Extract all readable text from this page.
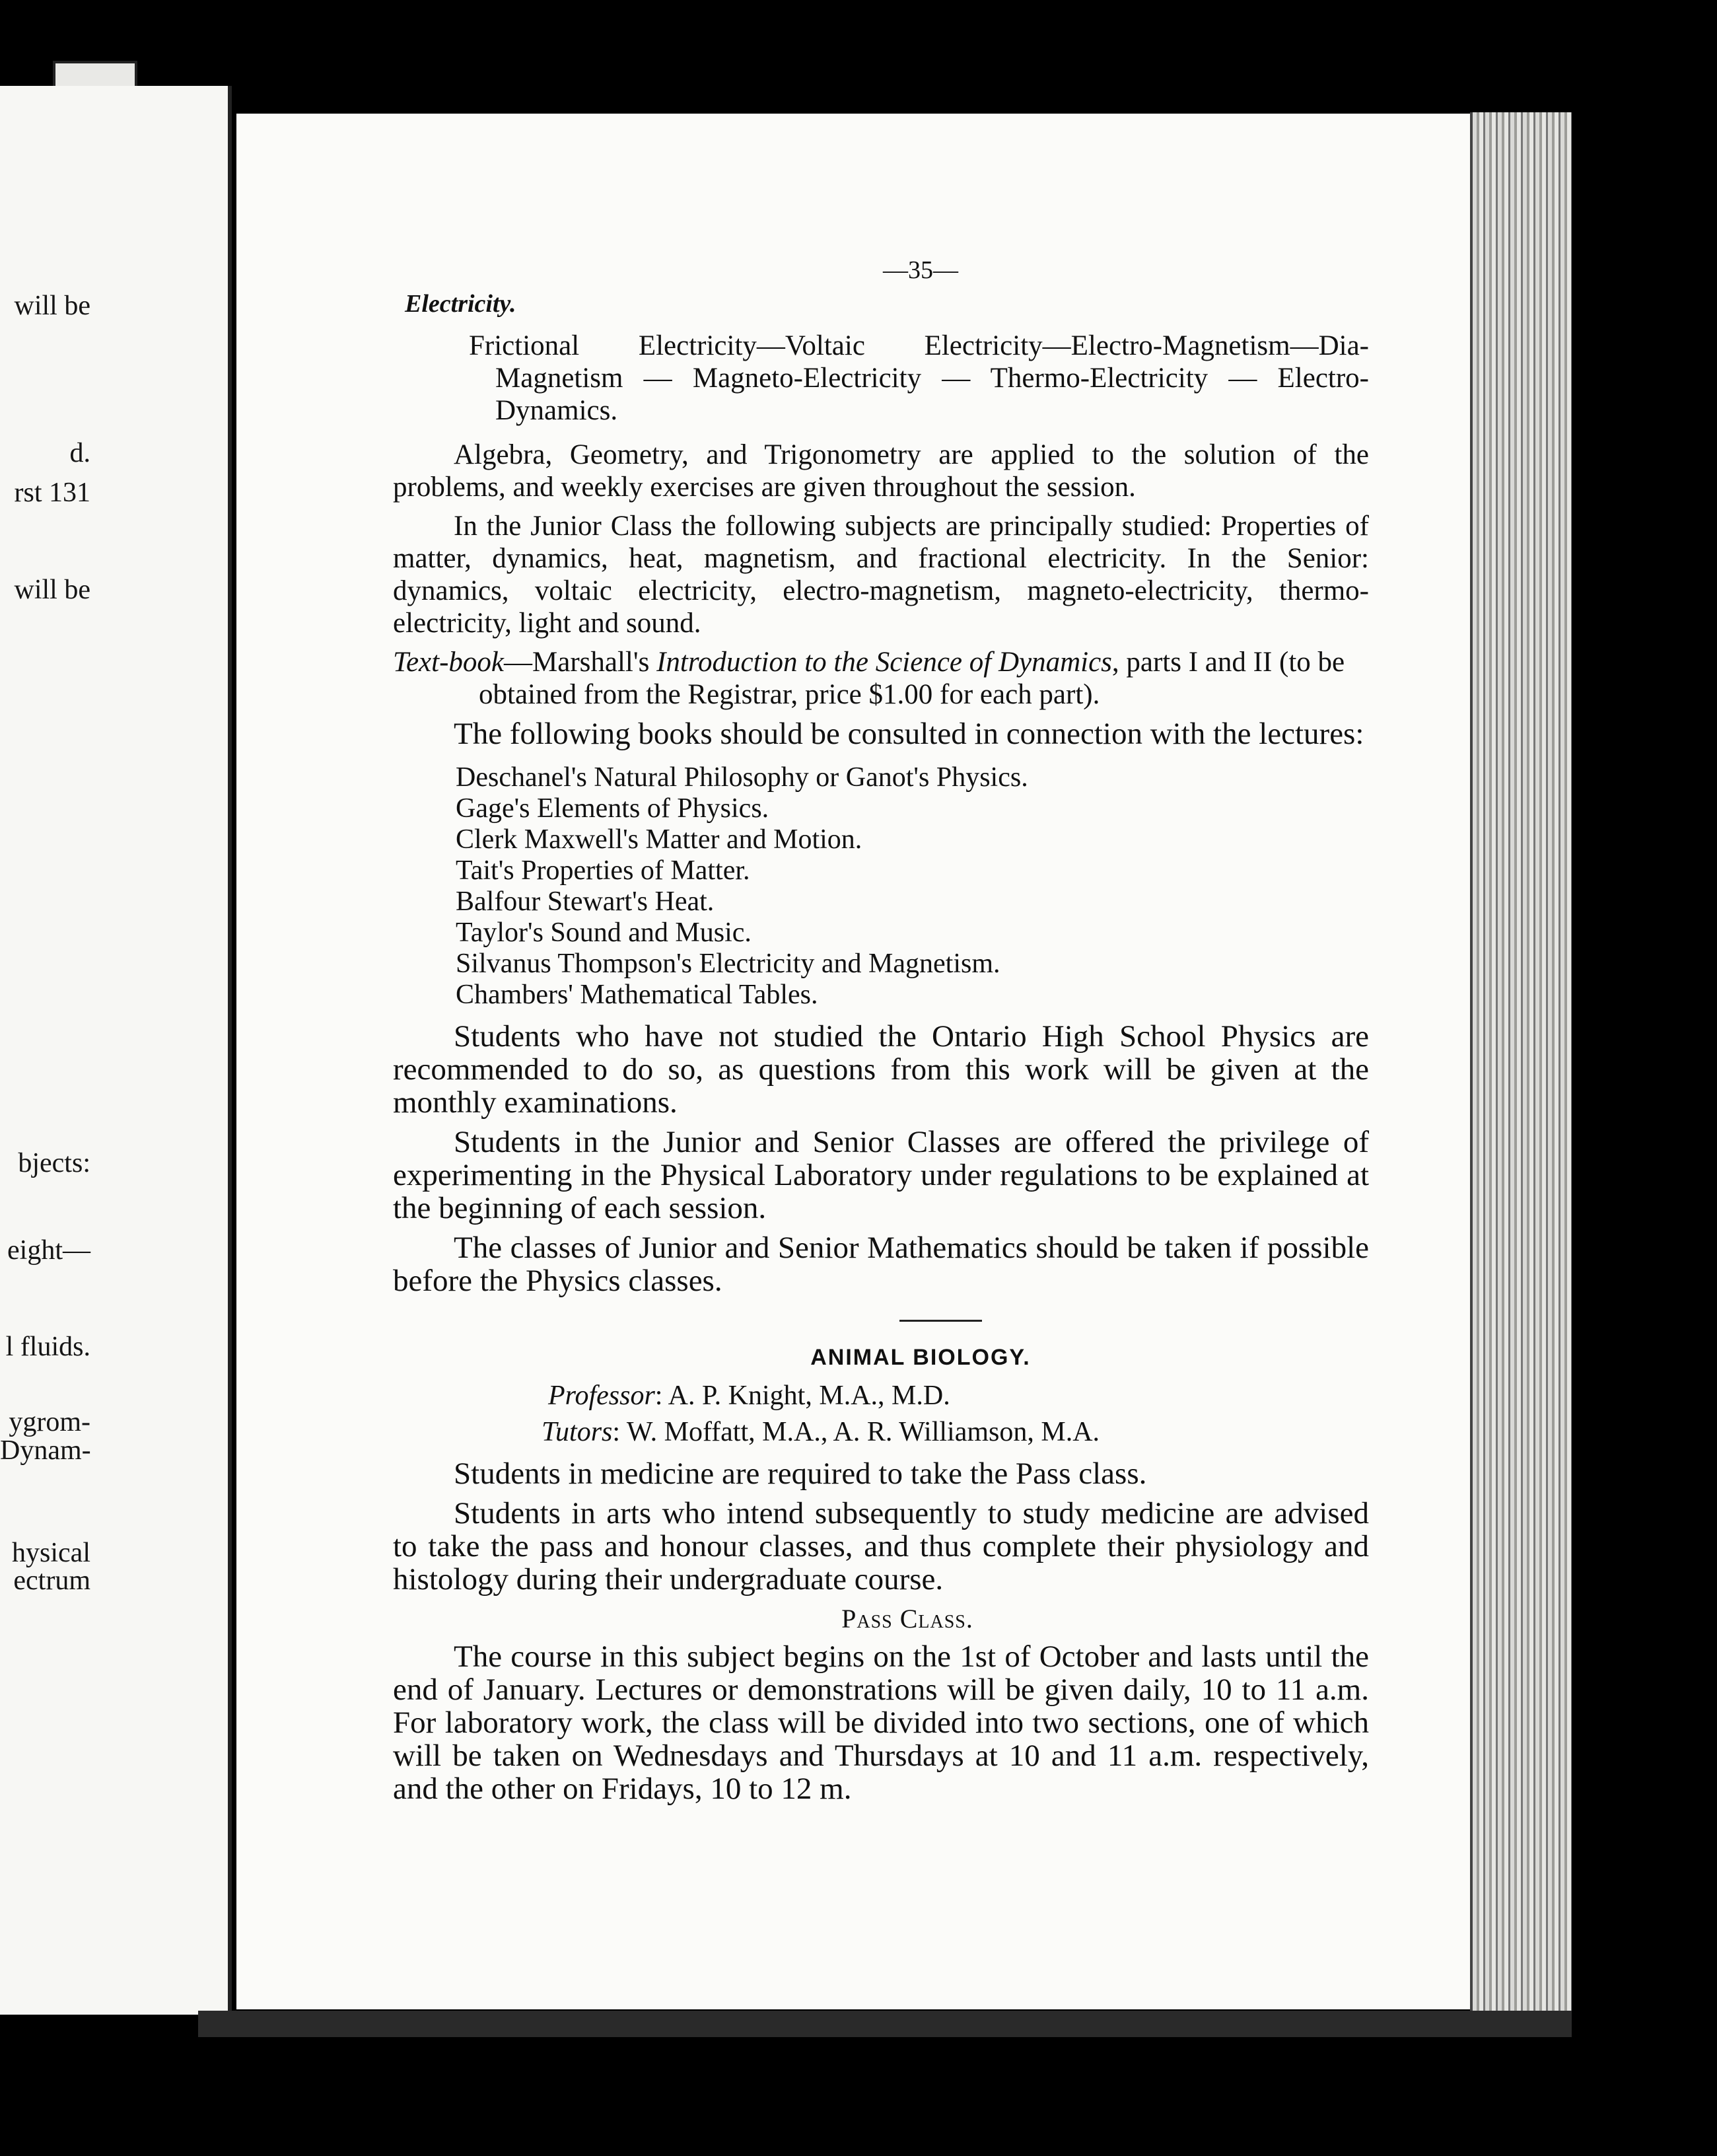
will be
d.
rst 131
will be
bjects:
eight—
l fluids.
ygrom-
Dynam-
hysical
ectrum
—35—
Electricity.
Frictional Electricity—Voltaic Electricity—Electro-Magnetism—Dia-Magnetism — Magneto-Electricity — Thermo-Electricity — Electro-Dynamics.

Algebra, Geometry, and Trigonometry are applied to the solution of the problems, and weekly exercises are given throughout the session.

In the Junior Class the following subjects are principally studied: Properties of matter, dynamics, heat, magnetism, and fractional electricity. In the Senior: dynamics, voltaic electricity, electro-magnetism, magneto-electricity, thermo-electricity, light and sound.

Text-book—Marshall's Introduction to the Science of Dynamics, parts I and II (to be obtained from the Registrar, price $1.00 for each part).

The following books should be consulted in connection with the lectures:

Deschanel's Natural Philosophy or Ganot's Physics.
Gage's Elements of Physics.
Clerk Maxwell's Matter and Motion.
Tait's Properties of Matter.
Balfour Stewart's Heat.
Taylor's Sound and Music.
Silvanus Thompson's Electricity and Magnetism.
Chambers' Mathematical Tables.

Students who have not studied the Ontario High School Physics are recommended to do so, as questions from this work will be given at the monthly examinations.

Students in the Junior and Senior Classes are offered the privilege of experimenting in the Physical Laboratory under regulations to be explained at the beginning of each session.

The classes of Junior and Senior Mathematics should be taken if possible before the Physics classes.

ANIMAL BIOLOGY.
Professor: A. P. Knight, M.A., M.D.
Tutors: W. Moffatt, M.A., A. R. Williamson, M.A.

Students in medicine are required to take the Pass class.

Students in arts who intend subsequently to study medicine are advised to take the pass and honour classes, and thus complete their physiology and histology during their undergraduate course.

Pass Class.

The course in this subject begins on the 1st of October and lasts until the end of January. Lectures or demonstrations will be given daily, 10 to 11 a.m. For laboratory work, the class will be divided into two sections, one of which will be taken on Wednesdays and Thursdays at 10 and 11 a.m. respectively, and the other on Fridays, 10 to 12 m.
